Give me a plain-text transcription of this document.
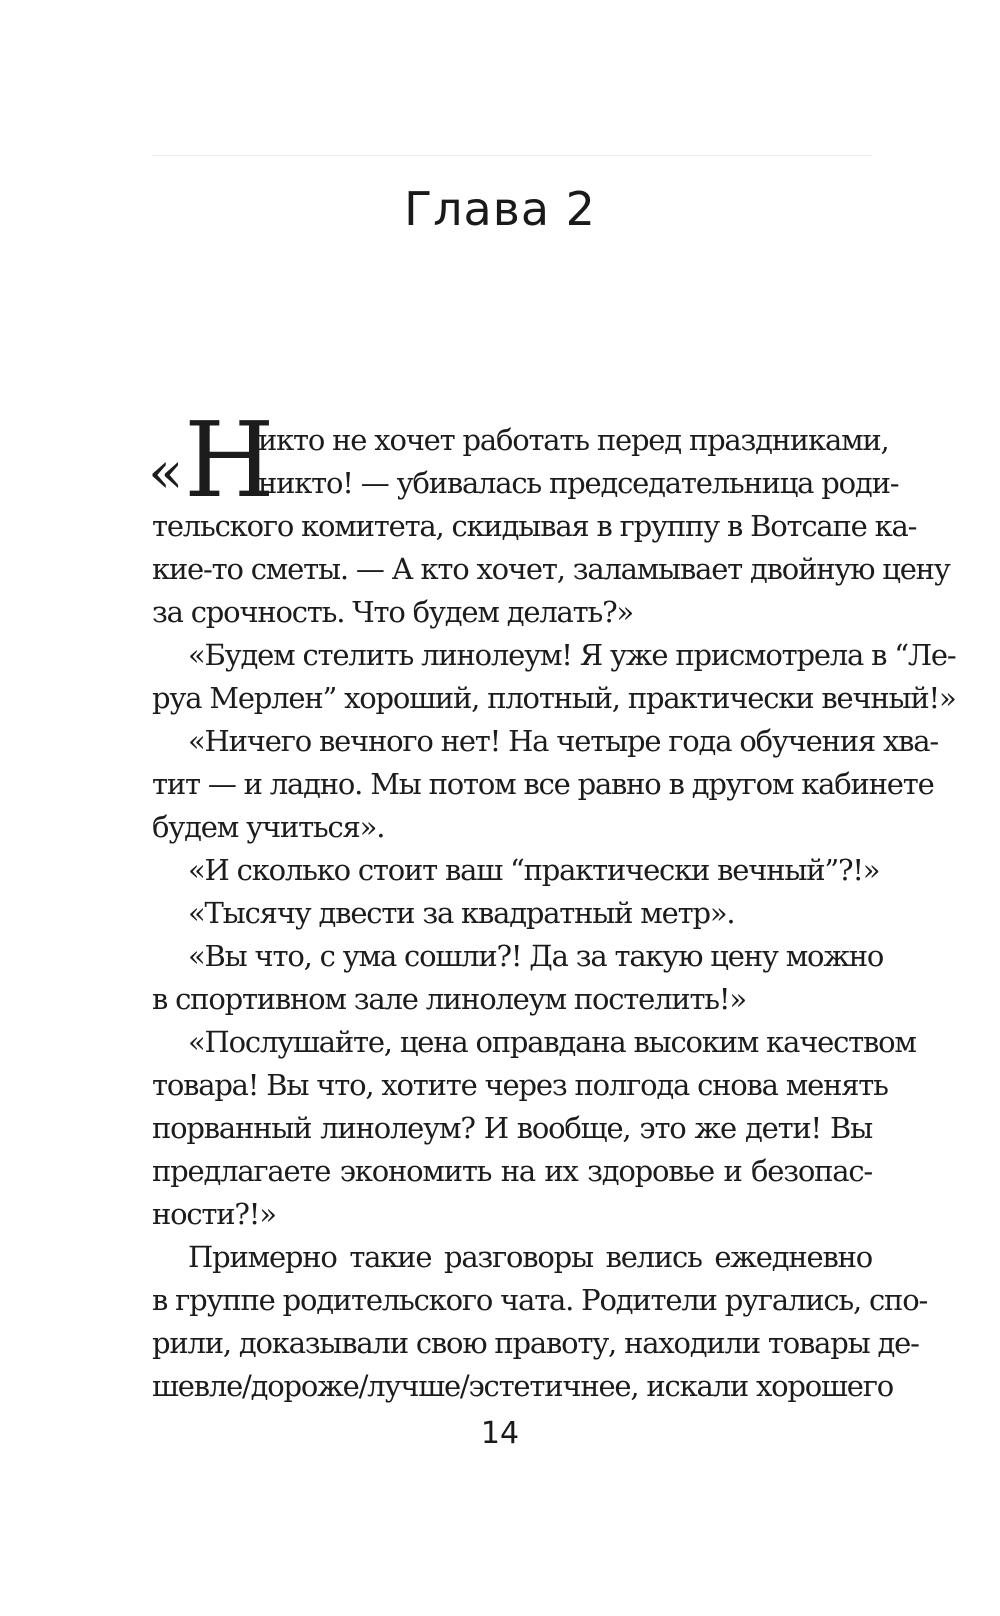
Глава 2
« Н
икто не хочет работать перед праздниками,
никто! — убивалась председательница роди-
тельского комитета, скидывая в группу в Вотсапе ка-
кие-то сметы. — А кто хочет, заламывает двойную цену
за срочность. Что будем делать?»
«Будем стелить линолеум! Я уже присмотрела в “Ле-
руа Мерлен” хороший, плотный, практически вечный!»
«Ничего вечного нет! На четыре года обучения хва-
тит — и ладно. Мы потом все равно в другом кабинете
будем учиться».
«И сколько стоит ваш “практически вечный”?!»
«Тысячу двести за квадратный метр».
«Вы что, с ума сошли?! Да за такую цену можно
в спортивном зале линолеум постелить!»
«Послушайте, цена оправдана высоким качеством
товара! Вы что, хотите через полгода снова менять
порванный линолеум? И вообще, это же дети! Вы
предлагаете экономить на их здоровье и безопас-
ности?!»
Примерно такие разговоры велись ежедневно
в группе родительского чата. Родители ругались, спо-
рили, доказывали свою правоту, находили товары де-
шевле/дороже/лучше/эстетичнее, искали хорошего
14
